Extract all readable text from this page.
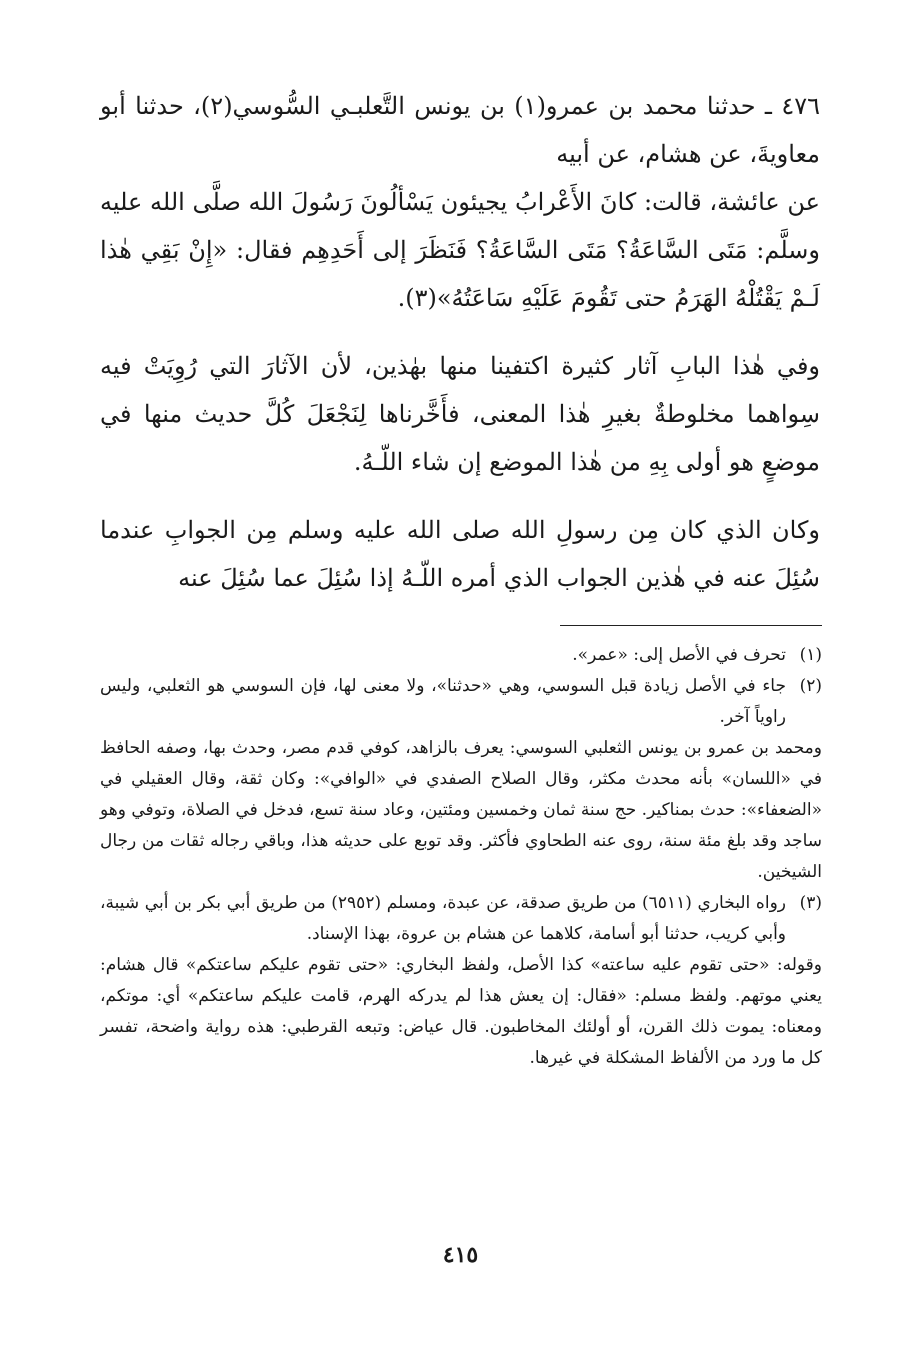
٤٧٦ ـ حدثنا محمد بن عمرو(١) بن يونس التَّعلبـي السُّوسي(٢)، حدثنا أبو معاويةَ، عن هشام، عن أبيه

عن عائشة، قالت: كانَ الأَعْرابُ يجيئون يَسْألُونَ رَسُولَ الله صلَّى الله عليه وسلَّم: مَتَى السَّاعَةُ؟ مَتَى السَّاعَةُ؟ فَنَظَرَ إلى أَحَدِهِم فقال: «إِنْ بَقِي هٰذا لَـمْ يَقْتُلْهُ الهَرَمُ حتى تَقُومَ عَلَيْهِ سَاعَتُهُ»(٣).

وفي هٰذا البابِ آثار كثيرة اكتفينا منها بهٰذين، لأن الآثارَ التي رُوِيَتْ فيه سِواهما مخلوطةٌ بغيرِ هٰذا المعنى، فأَخَّرناها لِنَجْعَلَ كُلَّ حديث منها في موضعٍ هو أولى بِهِ من هٰذا الموضع إن شاء اللّـهُ.

وكان الذي كان مِن رسولِ الله صلى الله عليه وسلم مِن الجوابِ عندما سُئِلَ عنه في هٰذين الجواب الذي أمره اللّـهُ إذا سُئِلَ عما سُئِلَ عنه

(١)
تحرف في الأصل إلى: «عمر».

(٢)
جاء في الأصل زيادة قبل السوسي، وهي «حدثنا»، ولا معنى لها، فإن السوسي هو الثعلبي، وليس راوياً آخر.

ومحمد بن عمرو بن يونس الثعلبي السوسي: يعرف بالزاهد، كوفي قدم مصر، وحدث بها، وصفه الحافظ في «اللسان» بأنه محدث مكثر، وقال الصلاح الصفدي في «الوافي»: وكان ثقة، وقال العقيلي في «الضعفاء»: حدث بمناكير. حج سنة ثمان وخمسين ومئتين، وعاد سنة تسع، فدخل في الصلاة، وتوفي وهو ساجد وقد بلغ مئة سنة، روى عنه الطحاوي فأكثر. وقد توبع على حديثه هذا، وباقي رجاله ثقات من رجال الشيخين.

(٣)
رواه البخاري (٦٥١١) من طريق صدقة، عن عبدة، ومسلم (٢٩٥٢) من طريق أبي بكر بن أبي شيبة، وأبي كريب، حدثنا أبو أسامة، كلاهما عن هشام بن عروة، بهذا الإسناد.

وقوله: «حتى تقوم عليه ساعته» كذا الأصل، ولفظ البخاري: «حتى تقوم عليكم ساعتكم» قال هشام: يعني موتهم. ولفظ مسلم: «فقال: إن يعش هذا لم يدركه الهرم، قامت عليكم ساعتكم» أي: موتكم، ومعناه: يموت ذلك القرن، أو أولئك المخاطبون. قال عياض: وتبعه القرطبي: هذه رواية واضحة، تفسر كل ما ورد من الألفاظ المشكلة في غيرها.

٤١٥
